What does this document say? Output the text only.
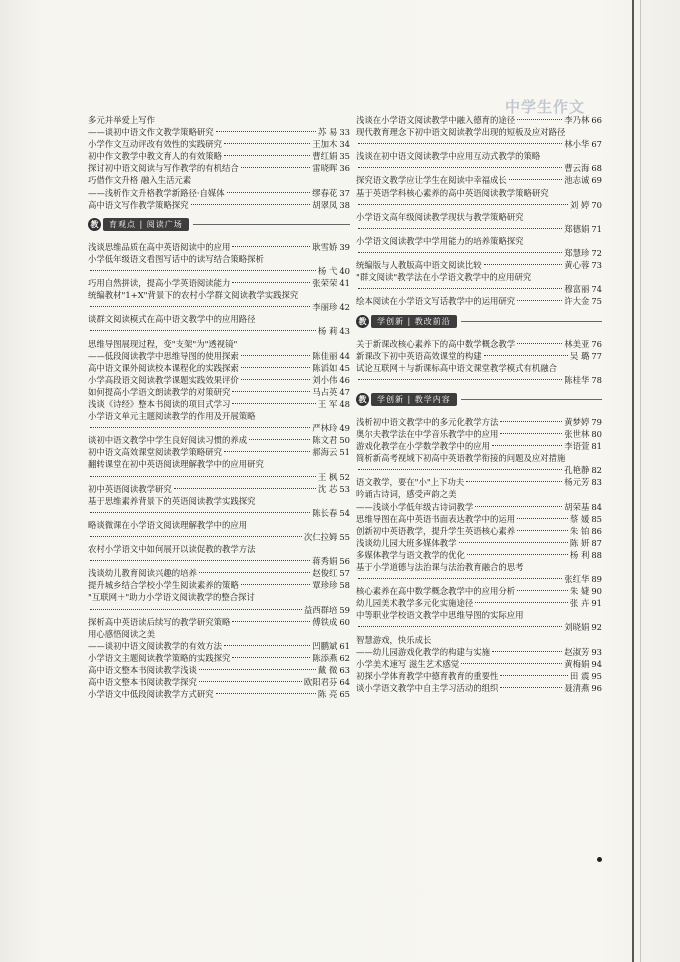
中学生作文
多元并举爱上写作
——谈初中语文作文教学策略研究	苏 易 33
小学作文互动评改有效性的实践研究	王加木 34
初中作文教学中教文育人的有效策略	曹红娟 35
探讨初中语文阅读与写作教学的有机结合	雷晓晖 36
巧借作文升格 融入生活元素
——浅析作文升格教学新路径·自媒体	缪春花 37
高中语文写作教学策略探究	胡翠凤 38
教	育观点 | 阅读广场
浅谈思维品质在高中英语阅读中的应用	耿雪娇 39
小学低年级语文看图写话中的读写结合策略探析
杨 弋 40
巧用自然拼读，提高小学英语阅读能力	张荣荣 41
统编教材"1+X"背景下的农村小学群文阅读教学实践探究
李丽珍 42
谈群文阅读模式在高中语文教学中的应用路径
杨 莉 43
思维导图展现过程，变"支架"为"透视镜"
——低段阅读教学中思维导图的使用探索	陈佳丽 44
高中语文课外阅读校本课程化的实践探索	陈滔如 45
小学高段语文阅读教学课题实践效果评价	刘小伟 46
如何提高小学语文朗读教学的对策研究	马占英 47
浅谈《诗经》整本书阅读的项目式学习	王 军 48
小学语文单元主题阅读教学的作用及开展策略
严林玲 49
谈初中语文教学中学生良好阅读习惯的养成	陈文君 50
初中语文高效课堂阅读教学策略研究	郝海云 51
翻转课堂在初中英语阅读理解教学中的应用研究
王 枫 52
初中英语阅读教学研究	沈 芯 53
基于思维素养背景下的英语阅读教学实践探究
陈长春 54
略谈微课在小学语文阅读理解教学中的应用
次仁拉姆 55
农村小学语文中如何展开以读促教的教学方法
蒋秀娟 56
浅谈幼儿教育阅读兴趣的培养	赵俊红 57
提升城乡结合学校小学生阅读素养的策略	覃珍珍 58
"互联网＋"助力小学语文阅读教学的整合探讨
益西群培 59
探析高中英语读后续写的教学研究策略	傅铁成 60
用心感悟阅读之美
——谈初中语文阅读教学的有效方法	凹鹏斌 61
小学语文主题阅读教学策略的实践探究	陈添燕 62
高中语文整本书阅读教学浅谈	戴 微 63
高中语文整本书阅读教学探究	欧阳君芬 64
小学语文中低段阅读教学方式研究	陈 亮 65
浅谈在小学语文阅读教学中融入德育的途径	李乃林 66
现代教育理念下初中语文阅读教学出现的短板及应对路径
林小华 67
浅谈在初中语文阅读教学中应用互动式教学的策略
曹云海 68
探究语文教学应让学生在阅读中幸福成长	池志诚 69
基于英语学科核心素养的高中英语阅读教学策略研究
刘 婷 70
小学语文高年级阅读教学现状与教学策略研究
郑德娟 71
小学语文阅读教学中学用能力的培养策略探究
郑慧珍 72
统编版与人教版高中语文阅读比较	黄心蓉 73
"群文阅读"教学法在小学语文教学中的应用研究
穆富丽 74
绘本阅读在小学语文写话教学中的运用研究	许大金 75
教	学创新 | 教改前沿
关于新课改核心素养下的高中数学概念教学	林美亚 76
新课改下初中英语高效课堂的构建	吴 璐 77
试论互联网＋与新课标高中语文课堂教学模式有机融合
陈桂华 78
教	学创新 | 教学内容
浅析初中语文教学中的多元化教学方法	黄梦婷 79
奥尔夫教学法在中学音乐教学中的应用	张世林 80
游戏化教学在小学数学教学中的应用	李语萱 81
简析新高考视域下初高中英语教学衔接的问题及应对措施
孔艳静 82
语文教学，要在"小"上下功夫	杨元芳 83
吟诵古诗词，感受声韵之美
——浅谈小学低年级古诗词教学	胡荣基 84
思维导图在高中英语书面表达教学中的运用	蔡 媛 85
创新初中英语教学，提升学生英语核心素养	朱 铂 86
浅谈幼儿园大班多媒体教学	陈 妍 87
多媒体教学与语文教学的优化	杨 利 88
基于小学道德与法治课与法治教育融合的思考
张红华 89
核心素养在高中数学概念教学中的应用分析	朱 婕 90
幼儿园美术教学多元化实施途径	张 卉 91
中等职业学校语文教学中思维导图的实际应用
刘晓娟 92
智慧游戏，快乐成长
——幼儿园游戏化教学的构建与实施	赵淑芳 93
小学美术速写 滋生艺术感觉	黄梅娟 94
初探小学体育教学中德育教育的重要性	田 震 95
谈小学语文教学中自主学习活动的组织	聂清燕 96
